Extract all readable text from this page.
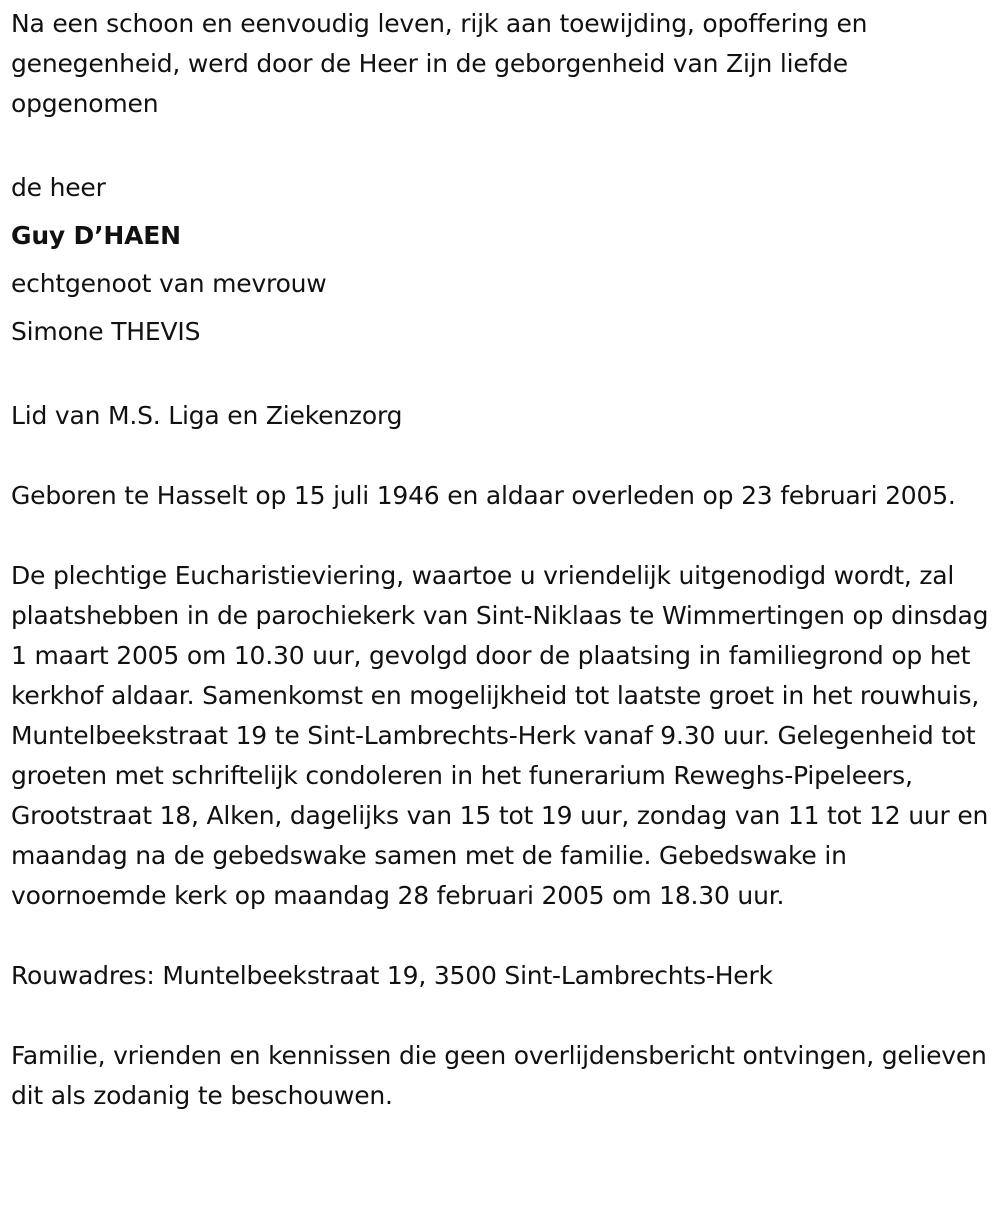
Na een schoon en eenvoudig leven, rijk aan toewijding, opoffering en genegenheid, werd door de Heer in de geborgenheid van Zijn liefde opgenomen

de heer

Guy D’HAEN

echtgenoot van mevrouw

Simone THEVIS

Lid van M.S. Liga en Ziekenzorg

Geboren te Hasselt op 15 juli 1946 en aldaar overleden op 23 februari 2005.

De plechtige Eucharistieviering, waartoe u vriendelijk uitgenodigd wordt, zal plaatshebben in de parochiekerk van Sint-Niklaas te Wimmertingen op dinsdag 1 maart 2005 om 10.30 uur, gevolgd door de plaatsing in familiegrond op het kerkhof aldaar. Samenkomst en mogelijkheid tot laatste groet in het rouwhuis, Muntelbeekstraat 19 te Sint-Lambrechts-Herk vanaf 9.30 uur. Gelegenheid tot groeten met schriftelijk condoleren in het funerarium Reweghs-Pipeleers, Grootstraat 18, Alken, dagelijks van 15 tot 19 uur, zondag van 11 tot 12 uur en maandag na de gebedswake samen met de familie. Gebedswake in voornoemde kerk op maandag 28 februari 2005 om 18.30 uur.

Rouwadres: Muntelbeekstraat 19, 3500 Sint-Lambrechts-Herk

Familie, vrienden en kennissen die geen overlijdensbericht ontvingen, gelieven dit als zodanig te beschouwen.
